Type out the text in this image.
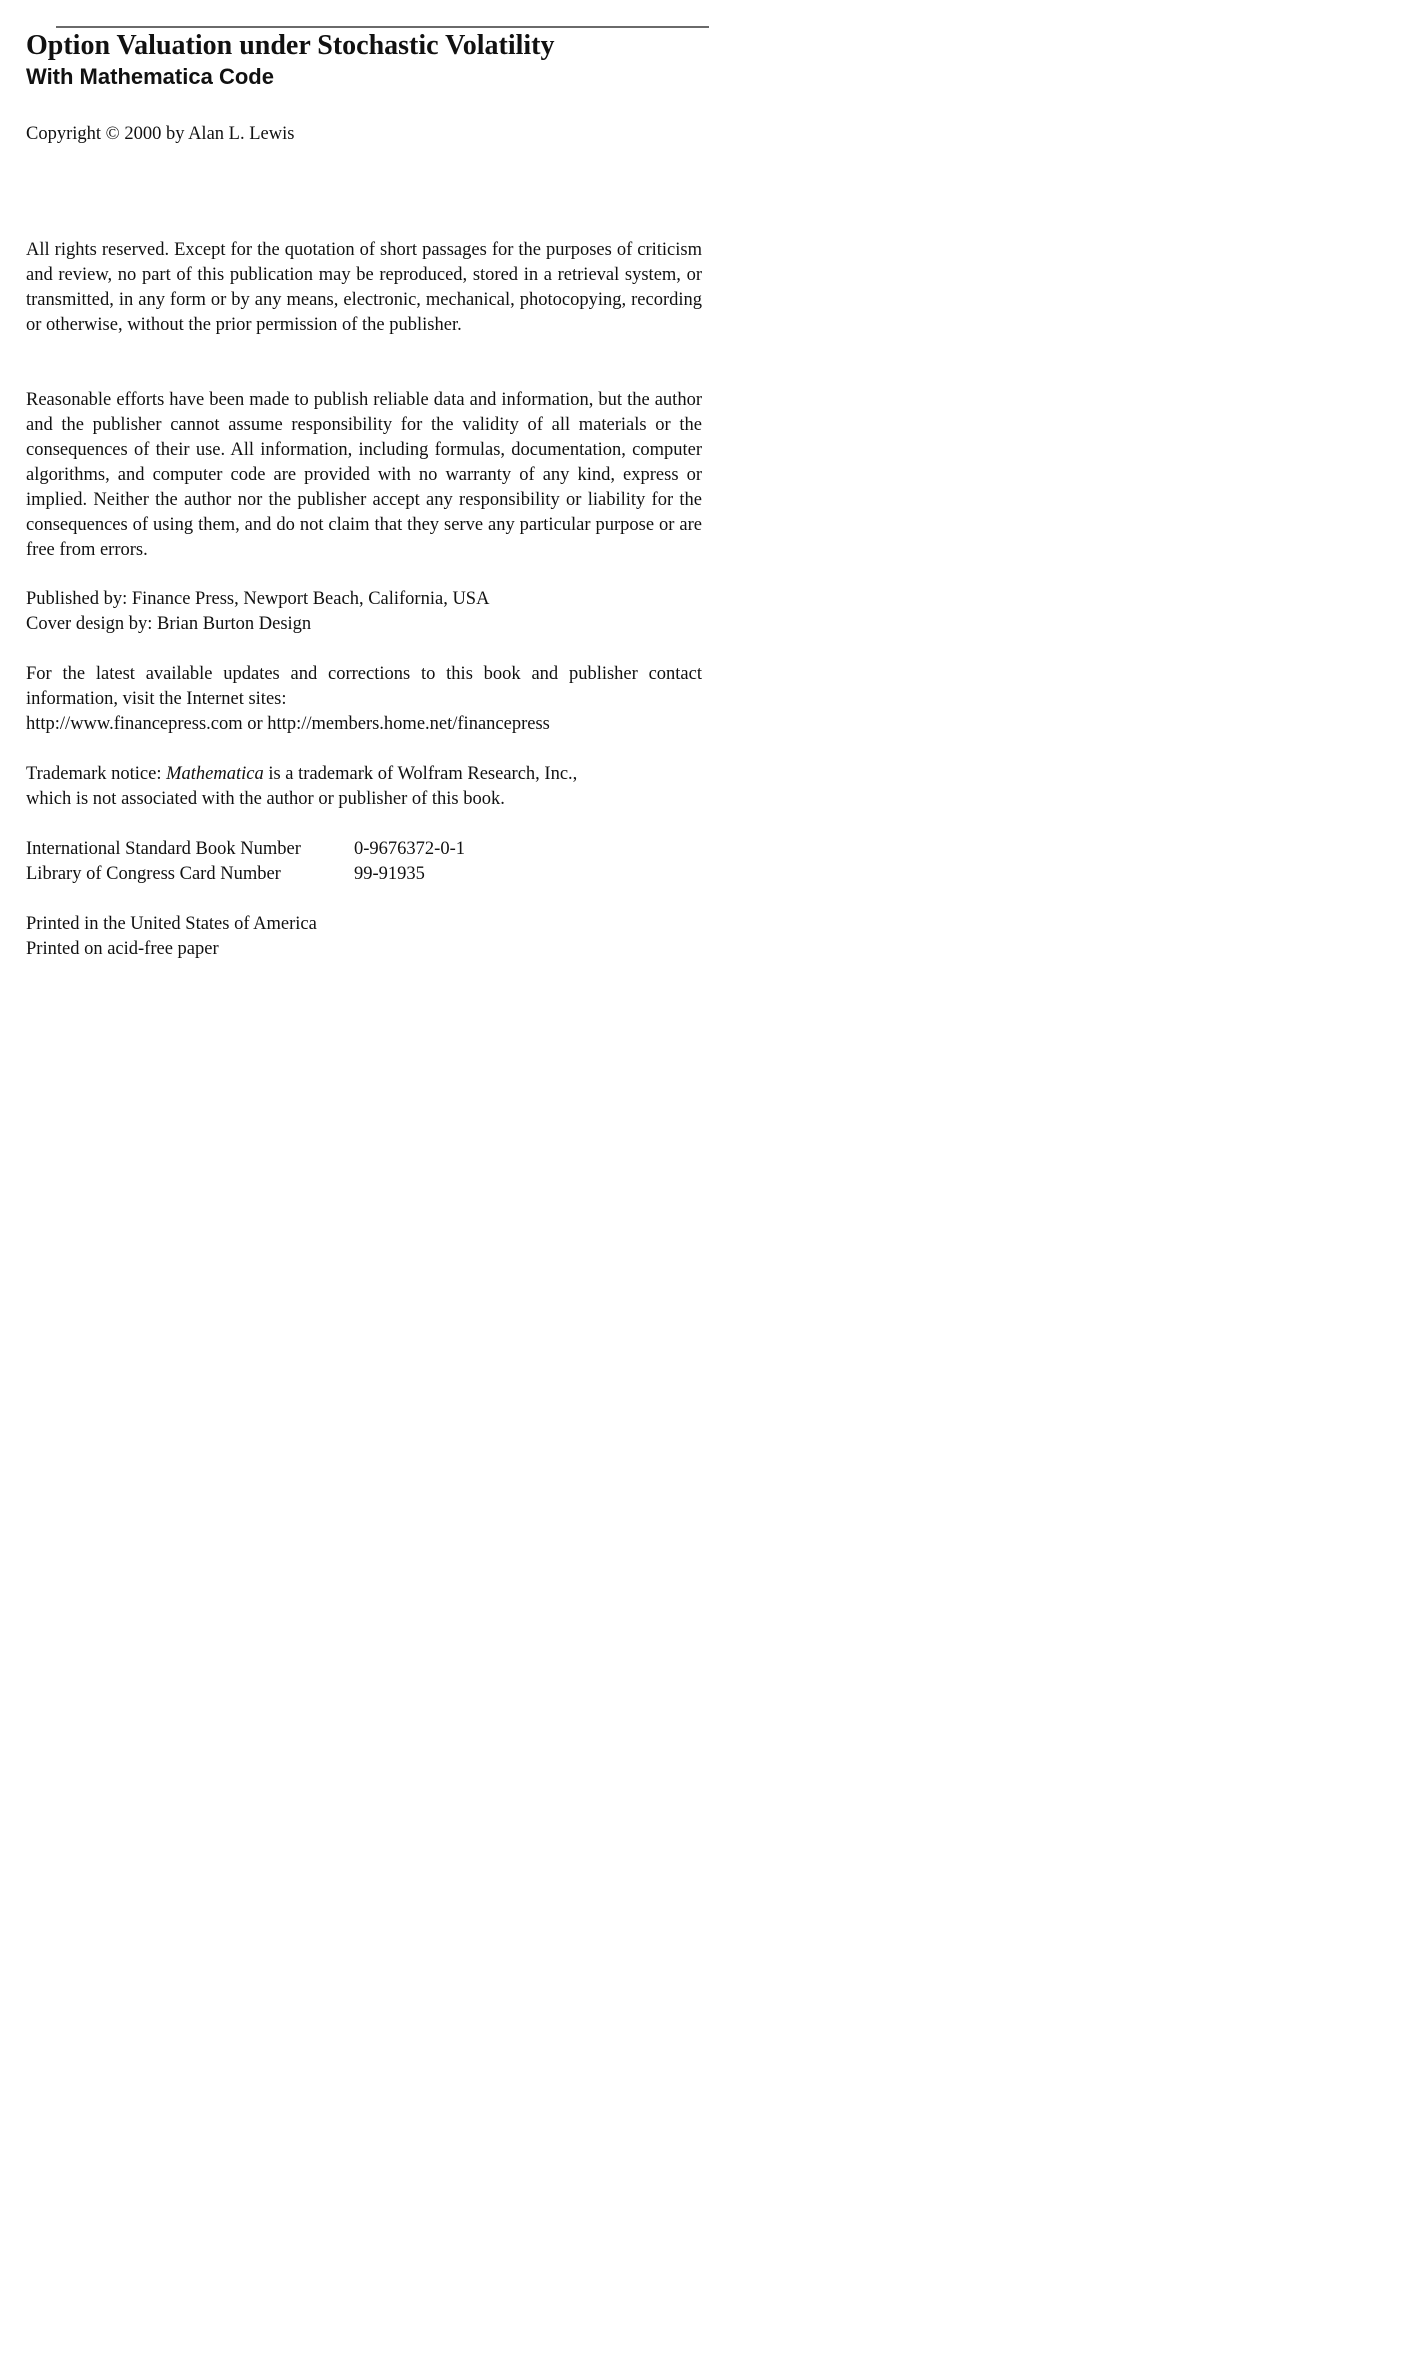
Option Valuation under Stochastic Volatility
With Mathematica Code

Copyright © 2000 by Alan L. Lewis

All rights reserved. Except for the quotation of short passages for the purposes of criticism and review, no part of this publication may be reproduced, stored in a retrieval system, or transmitted, in any form or by any means, electronic, mechanical, photocopying, recording or otherwise, without the prior permission of the publisher.

Reasonable efforts have been made to publish reliable data and information, but the author and the publisher cannot assume responsibility for the validity of all materials or the consequences of their use. All information, including formulas, documentation, computer algorithms, and computer code are provided with no warranty of any kind, express or implied. Neither the author nor the publisher accept any responsibility or liability for the consequences of using them, and do not claim that they serve any particular purpose or are free from errors.

Published by: Finance Press, Newport Beach, California, USA
Cover design by: Brian Burton Design

For the latest available updates and corrections to this book and publisher contact information, visit the Internet sites:

http://www.financepress.com or http://members.home.net/financepress
Trademark notice: Mathematica is a trademark of Wolfram Research, Inc.,
which is not associated with the author or publisher of this book.
International Standard Book Number	0-9676372-0-1
Library of Congress Card Number	99-91935
Printed in the United States of America
Printed on acid-free paper
